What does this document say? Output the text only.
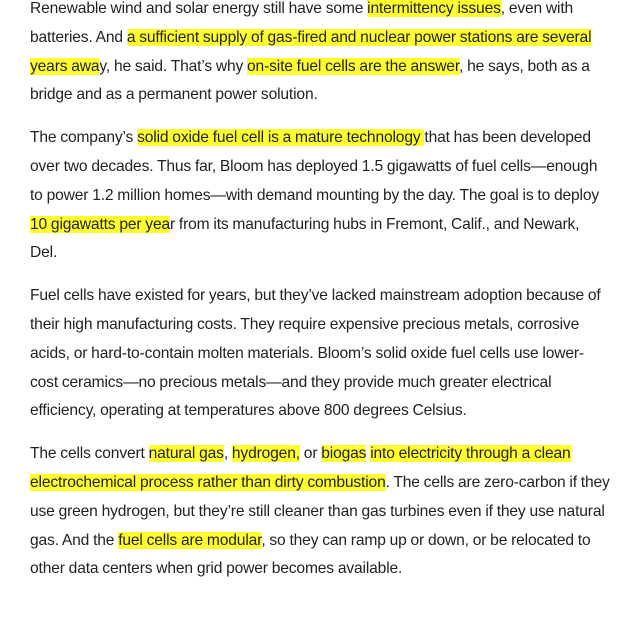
Renewable wind and solar energy still have some intermittency issues, even with batteries. And a sufficient supply of gas-fired and nuclear power stations are several years away, he said. That’s why on-site fuel cells are the answer, he says, both as a bridge and as a permanent power solution.

The company’s solid oxide fuel cell is a mature technology that has been developed over two decades. Thus far, Bloom has deployed 1.5 gigawatts of fuel cells—enough to power 1.2 million homes—with demand mounting by the day. The goal is to deploy 10 gigawatts per year from its manufacturing hubs in Fremont, Calif., and Newark, Del.

Fuel cells have existed for years, but they’ve lacked mainstream adoption because of their high manufacturing costs. They require expensive precious metals, corrosive acids, or hard-to-contain molten materials. Bloom’s solid oxide fuel cells use lower-cost ceramics—no precious metals—and they provide much greater electrical efficiency, operating at temperatures above 800 degrees Celsius.

The cells convert natural gas, hydrogen, or biogas into electricity through a clean electrochemical process rather than dirty combustion. The cells are zero-carbon if they use green hydrogen, but they’re still cleaner than gas turbines even if they use natural gas. And the fuel cells are modular, so they can ramp up or down, or be relocated to other data centers when grid power becomes available.
